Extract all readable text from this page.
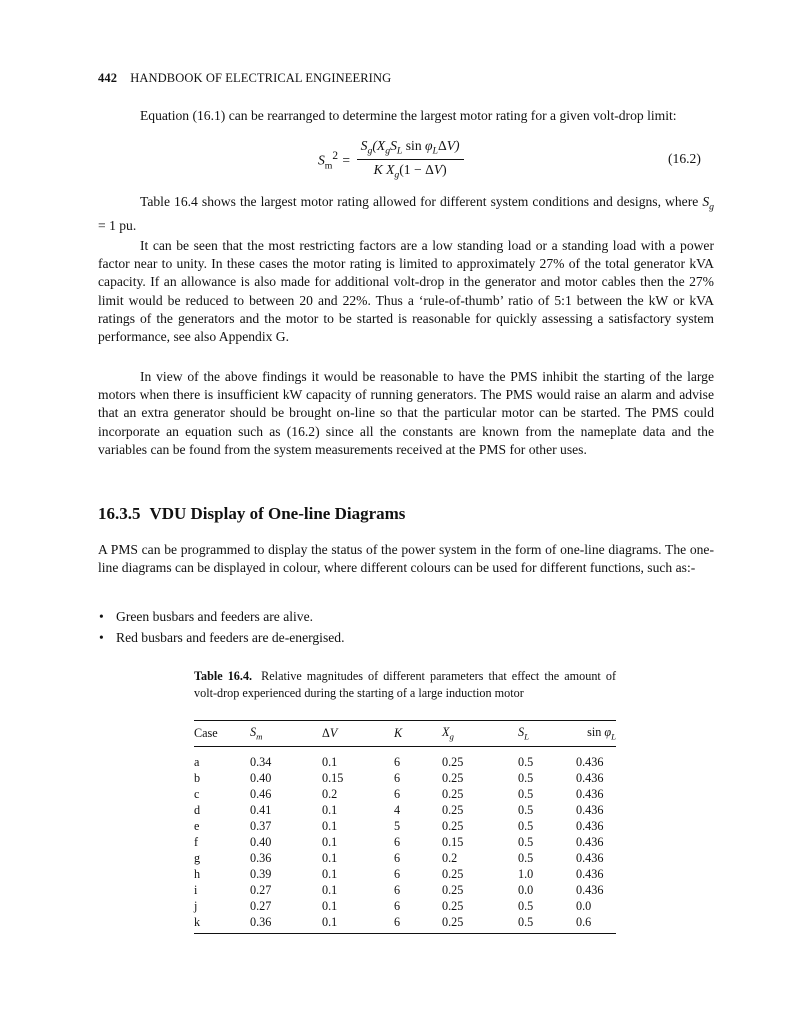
442 HANDBOOK OF ELECTRICAL ENGINEERING
Equation (16.1) can be rearranged to determine the largest motor rating for a given volt-drop limit:
$S_m^2 = \frac{S_g(X_gS_L \sin \varphi_L\Delta V)}{K X_g(1 - \Delta V)}$	(16.2)
Table 16.4 shows the largest motor rating allowed for different system conditions and designs, where $S_g = 1$ pu.
It can be seen that the most restricting factors are a low standing load or a standing load with a power factor near to unity. In these cases the motor rating is limited to approximately 27% of the total generator kVA capacity. If an allowance is also made for additional volt-drop in the generator and motor cables then the 27% limit would be reduced to between 20 and 22%. Thus a ‘rule-of-thumb’ ratio of 5:1 between the kW or kVA ratings of the generators and the motor to be started is reasonable for quickly assessing a satisfactory system performance, see also Appendix G.
In view of the above findings it would be reasonable to have the PMS inhibit the starting of the large motors when there is insufficient kW capacity of running generators. The PMS would raise an alarm and advise that an extra generator should be brought on-line so that the particular motor can be started. The PMS could incorporate an equation such as (16.2) since all the constants are known from the nameplate data and the variables can be found from the system measurements received at the PMS for other uses.
16.3.5 VDU Display of One-line Diagrams
A PMS can be programmed to display the status of the power system in the form of one-line diagrams. The one-line diagrams can be displayed in colour, where different colours can be used for different functions, such as:-
• Green busbars and feeders are alive.
• Red busbars and feeders are de-energised.
Table 16.4. Relative magnitudes of different parameters that effect the amount of volt-drop experienced during the starting of a large induction motor
Case	$S_m$	ΔV	K	$X_g$	$S_L$	$\sin \varphi_L$
a	0.34	0.1	6	0.25	0.5	0.436
b	0.40	0.15	6	0.25	0.5	0.436
c	0.46	0.2	6	0.25	0.5	0.436
d	0.41	0.1	4	0.25	0.5	0.436
e	0.37	0.1	5	0.25	0.5	0.436
f	0.40	0.1	6	0.15	0.5	0.436
g	0.36	0.1	6	0.2	0.5	0.436
h	0.39	0.1	6	0.25	1.0	0.436
i	0.27	0.1	6	0.25	0.0	0.436
j	0.27	0.1	6	0.25	0.5	0.0
k	0.36	0.1	6	0.25	0.5	0.6
